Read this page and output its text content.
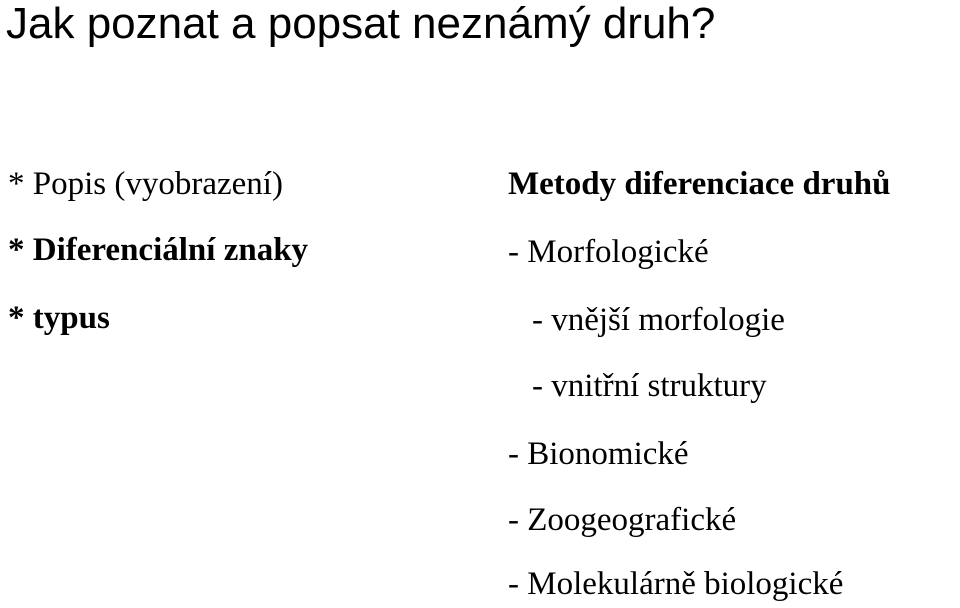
Jak poznat a popsat neznámý druh?
* Popis (vyobrazení)
* Diferenciální znaky
* typus
Metody diferenciace druhů
- Morfologické
- vnější morfologie
- vnitřní struktury
- Bionomické
- Zoogeografické
- Molekulárně biologické
